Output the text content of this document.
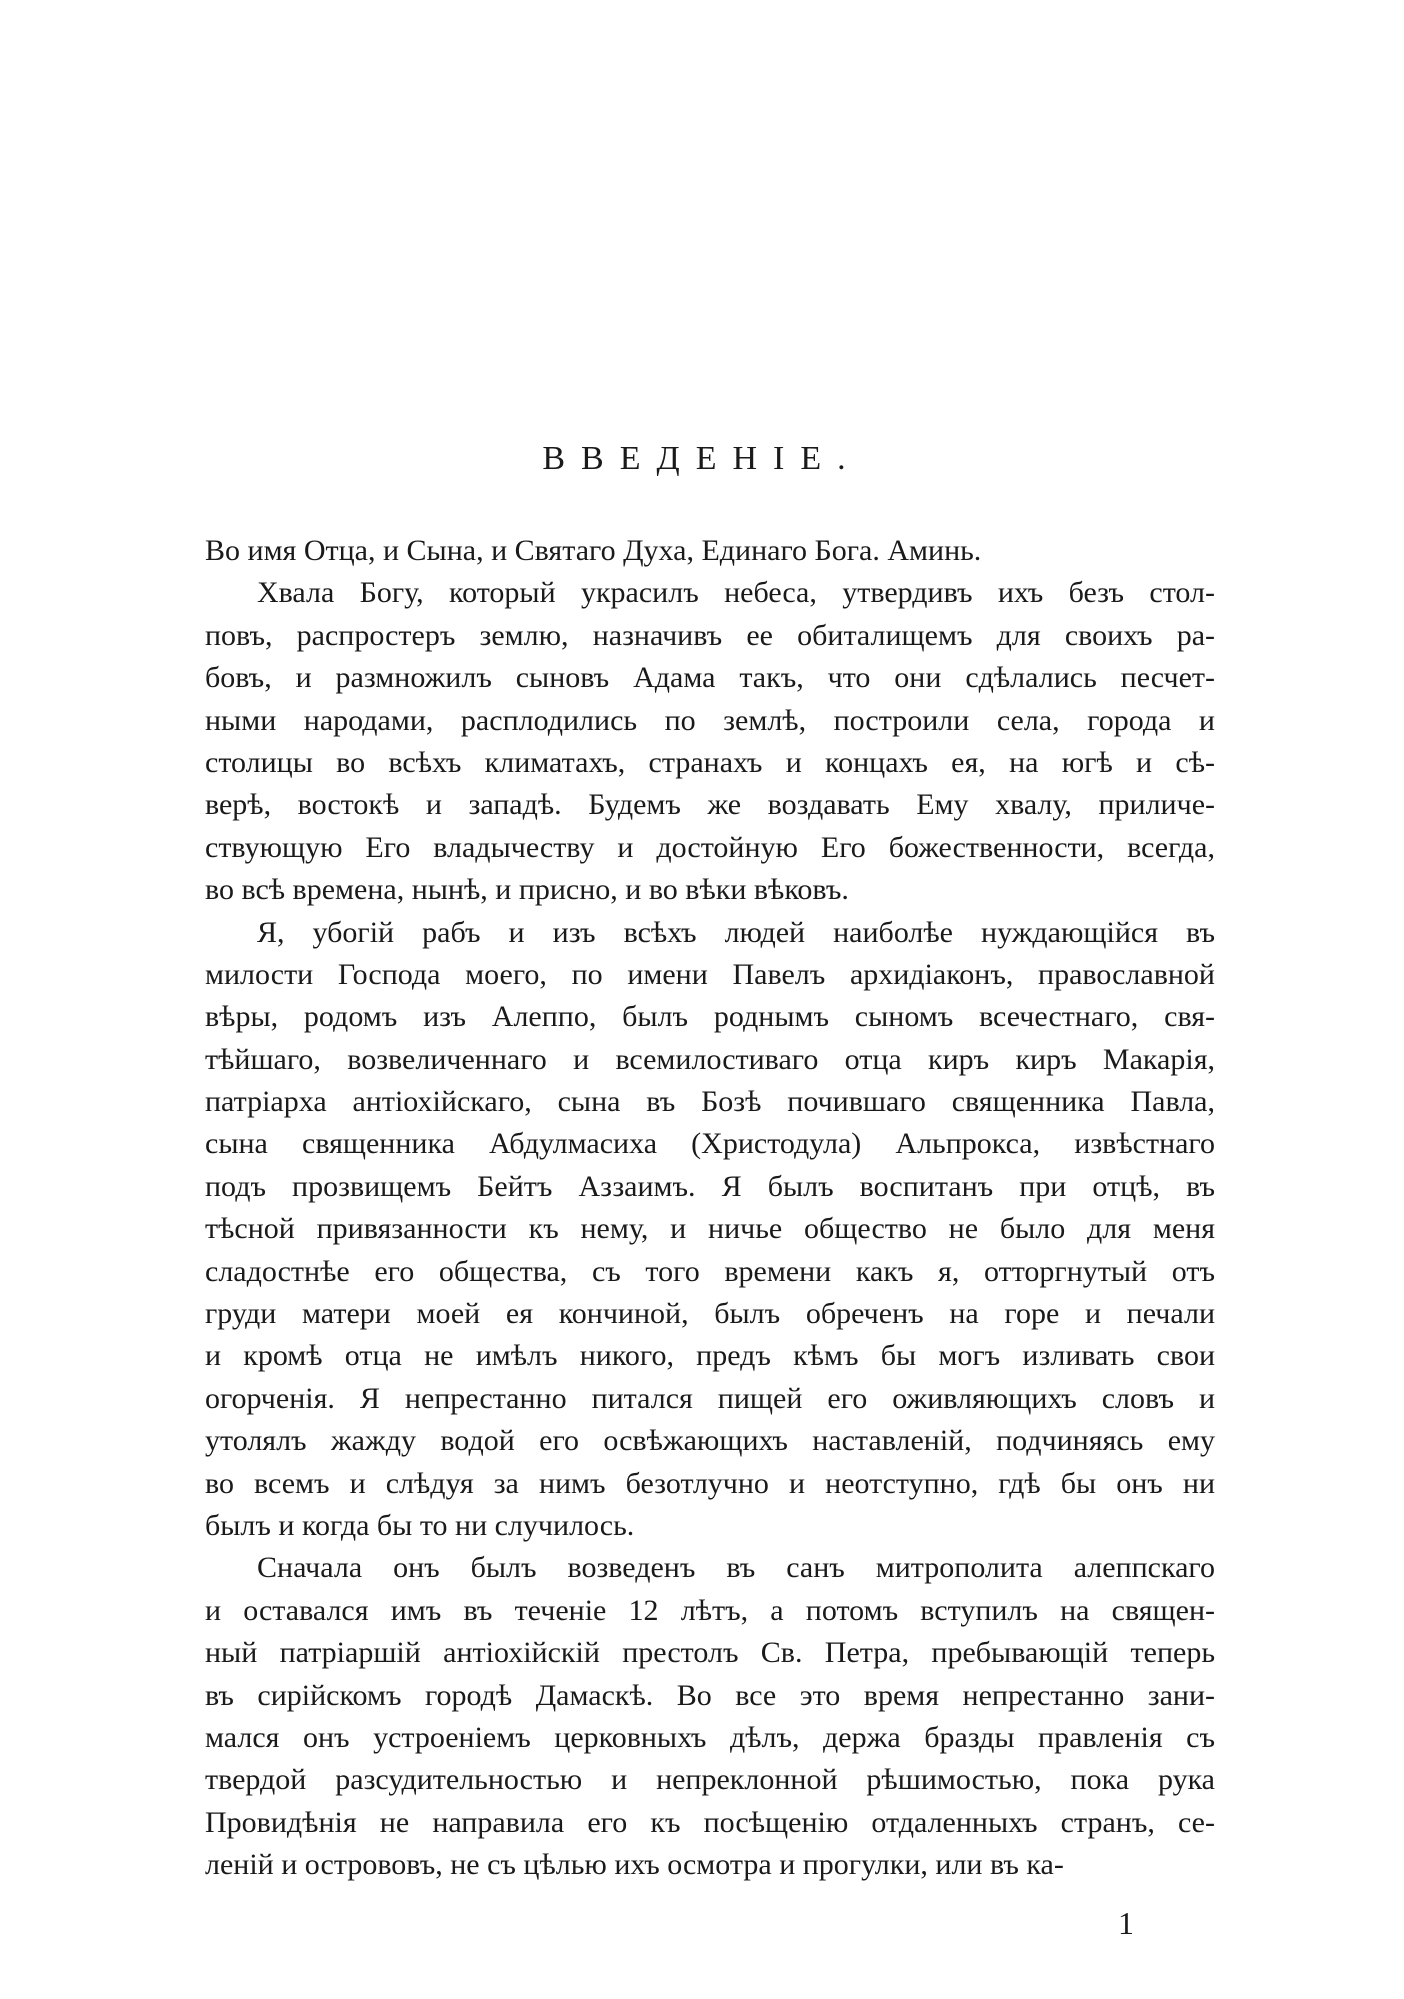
ВВЕДЕНІЕ.
Во имя Отца, и Сына, и Святаго Духа, Единаго Бога. Аминь.
Хвала Богу, который украсилъ небеса, утвердивъ ихъ безъ стол-
повъ, распростеръ землю, назначивъ ее обиталищемъ для своихъ ра-
бовъ, и размножилъ сыновъ Адама такъ, что они сдѣлались песчет-
ными народами, расплодились по землѣ, построили села, города и
столицы во всѣхъ климатахъ, странахъ и концахъ ея, на югѣ и сѣ-
верѣ, востокѣ и западѣ. Будемъ же воздавать Ему хвалу, приличе-
ствующую Его владычеству и достойную Его божественности, всегда,
во всѣ времена, нынѣ, и присно, и во вѣки вѣковъ.
Я, убогій рабъ и изъ всѣхъ людей наиболѣе нуждающійся въ
милости Господа моего, по имени Павелъ архидіаконъ, православной
вѣры, родомъ изъ Алеппо, былъ роднымъ сыномъ всечестнаго, свя-
тѣйшаго, возвеличеннаго и всемилостиваго отца киръ киръ Макарія,
патріарха антіохійскаго, сына въ Бозѣ почившаго священника Павла,
сына священника Абдулмасиха (Христодула) Альпрокса, извѣстнаго
подъ прозвищемъ Бейтъ Аззаимъ. Я былъ воспитанъ при отцѣ, въ
тѣсной привязанности къ нему, и ничье общество не было для меня
сладостнѣе его общества, съ того времени какъ я, отторгнутый отъ
груди матери моей ея кончиной, былъ обреченъ на горе и печали
и кромѣ отца не имѣлъ никого, предъ кѣмъ бы могъ изливать свои
огорченія. Я непрестанно питался пищей его оживляющихъ словъ и
утолялъ жажду водой его освѣжающихъ наставленій, подчиняясь ему
во всемъ и слѣдуя за нимъ безотлучно и неотступно, гдѣ бы онъ ни
былъ и когда бы то ни случилось.
Сначала онъ былъ возведенъ въ санъ митрополита алеппскаго
и оставался имъ въ теченіе 12 лѣтъ, а потомъ вступилъ на священ-
ный патріаршій антіохійскій престолъ Св. Петра, пребывающій теперь
въ сирійскомъ городѣ Дамаскѣ. Во все это время непрестанно зани-
мался онъ устроеніемъ церковныхъ дѣлъ, держа бразды правленія съ
твердой разсудительностью и непреклонной рѣшимостью, пока рука
Провидѣнія не направила его къ посѣщенію отдаленныхъ странъ, се-
леній и острововъ, не съ цѣлью ихъ осмотра и прогулки, или въ ка-
1
